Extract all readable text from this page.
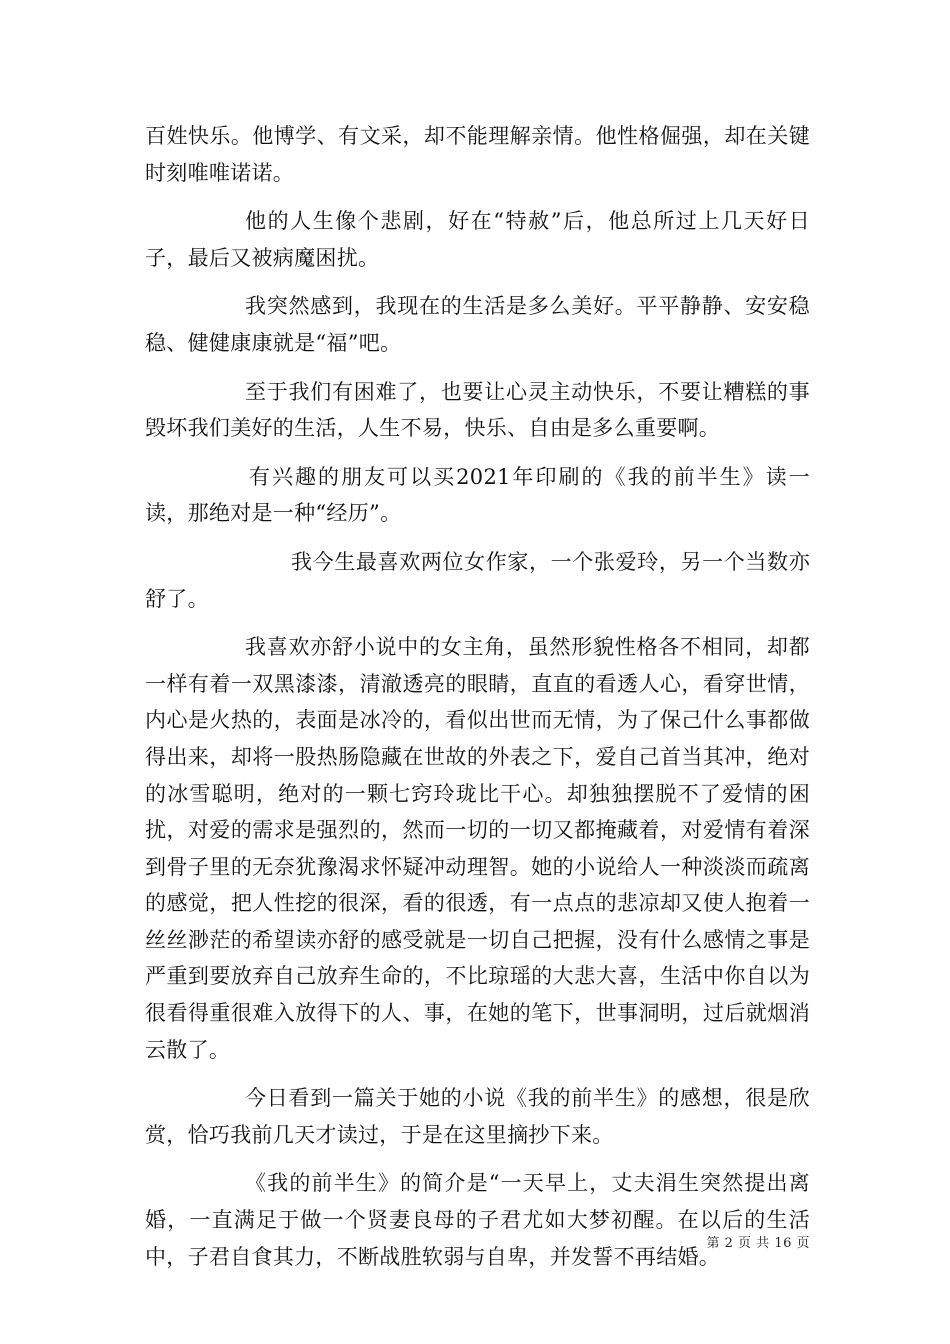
百姓快乐。他博学、有文采，却不能理解亲情。他性格倔强，却在关键时刻唯唯诺诺。

他的人生像个悲剧，好在“特赦”后，他总所过上几天好日子，最后又被病魔困扰。

我突然感到，我现在的生活是多么美好。平平静静、安安稳稳、健健康康就是“福”吧。

至于我们有困难了，也要让心灵主动快乐，不要让糟糕的事毁坏我们美好的生活，人生不易，快乐、自由是多么重要啊。

有兴趣的朋友可以买2021年印刷的《我的前半生》读一读，那绝对是一种“经历”。

我今生最喜欢两位女作家，一个张爱玲，另一个当数亦舒了。

我喜欢亦舒小说中的女主角，虽然形貌性格各不相同，却都一样有着一双黑漆漆，清澈透亮的眼睛，直直的看透人心，看穿世情，内心是火热的，表面是冰冷的，看似出世而无情，为了保己什么事都做得出来，却将一股热肠隐藏在世故的外表之下，爱自己首当其冲，绝对的冰雪聪明，绝对的一颗七窍玲珑比干心。却独独摆脱不了爱情的困扰，对爱的需求是强烈的，然而一切的一切又都掩藏着，对爱情有着深到骨子里的无奈犹豫渴求怀疑冲动理智。她的小说给人一种淡淡而疏离的感觉，把人性挖的很深，看的很透，有一点点的悲凉却又使人抱着一丝丝渺茫的希望读亦舒的感受就是一切自己把握，没有什么感情之事是严重到要放弃自己放弃生命的，不比琼瑶的大悲大喜，生活中你自以为很看得重很难入放得下的人、事，在她的笔下，世事洞明，过后就烟消云散了。

今日看到一篇关于她的小说《我的前半生》的感想，很是欣赏，恰巧我前几天才读过，于是在这里摘抄下来。

《我的前半生》的简介是“一天早上，丈夫涓生突然提出离婚，一直满足于做一个贤妻良母的子君尤如大梦初醒。在以后的生活中，子君自食其力，不断战胜软弱与自卑，并发誓不再结婚。

第 2 页 共 16 页
